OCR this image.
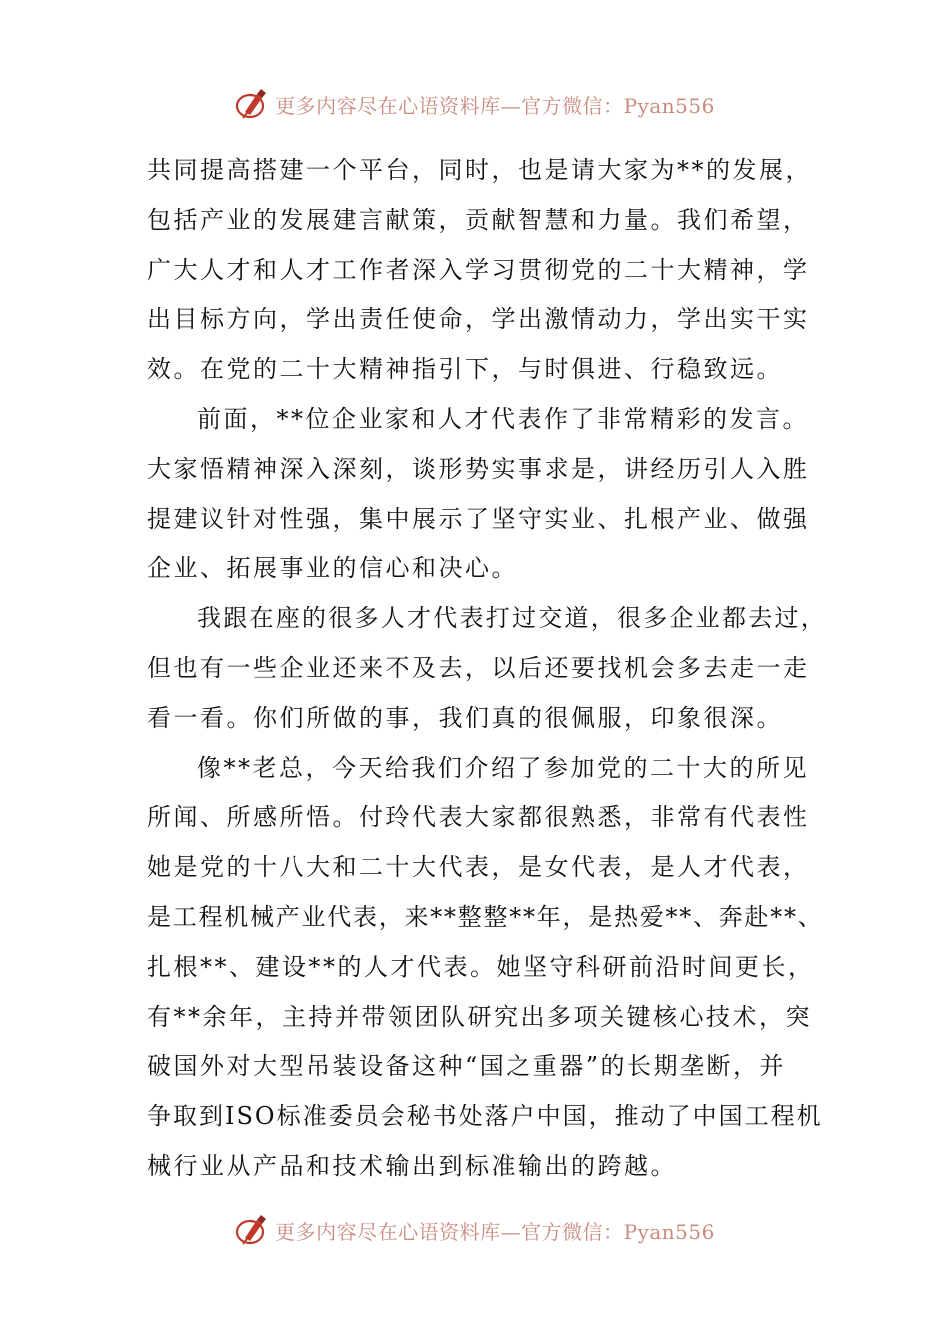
更多内容尽在心语资料库—官方微信：Pyan556
共同提高搭建一个平台，同时，也是请大家为**的发展，
包括产业的发展建言献策，贡献智慧和力量。我们希望，
广大人才和人才工作者深入学习贯彻党的二十大精神，学
出目标方向，学出责任使命，学出激情动力，学出实干实
效。在党的二十大精神指引下，与时俱进、行稳致远。
前面，**位企业家和人才代表作了非常精彩的发言。
大家悟精神深入深刻，谈形势实事求是，讲经历引人入胜
提建议针对性强，集中展示了坚守实业、扎根产业、做强
企业、拓展事业的信心和决心。
我跟在座的很多人才代表打过交道，很多企业都去过，
但也有一些企业还来不及去，以后还要找机会多去走一走
看一看。你们所做的事，我们真的很佩服，印象很深。
像**老总，今天给我们介绍了参加党的二十大的所见
所闻、所感所悟。付玲代表大家都很熟悉，非常有代表性
她是党的十八大和二十大代表，是女代表，是人才代表，
是工程机械产业代表，来**整整**年，是热爱**、奔赴**、
扎根**、建设**的人才代表。她坚守科研前沿时间更长，
有**余年，主持并带领团队研究出多项关键核心技术，突
破国外对大型吊装设备这种“国之重器”的长期垄断，并
争取到ISO标准委员会秘书处落户中国，推动了中国工程机
械行业从产品和技术输出到标准输出的跨越。
更多内容尽在心语资料库—官方微信：Pyan556
